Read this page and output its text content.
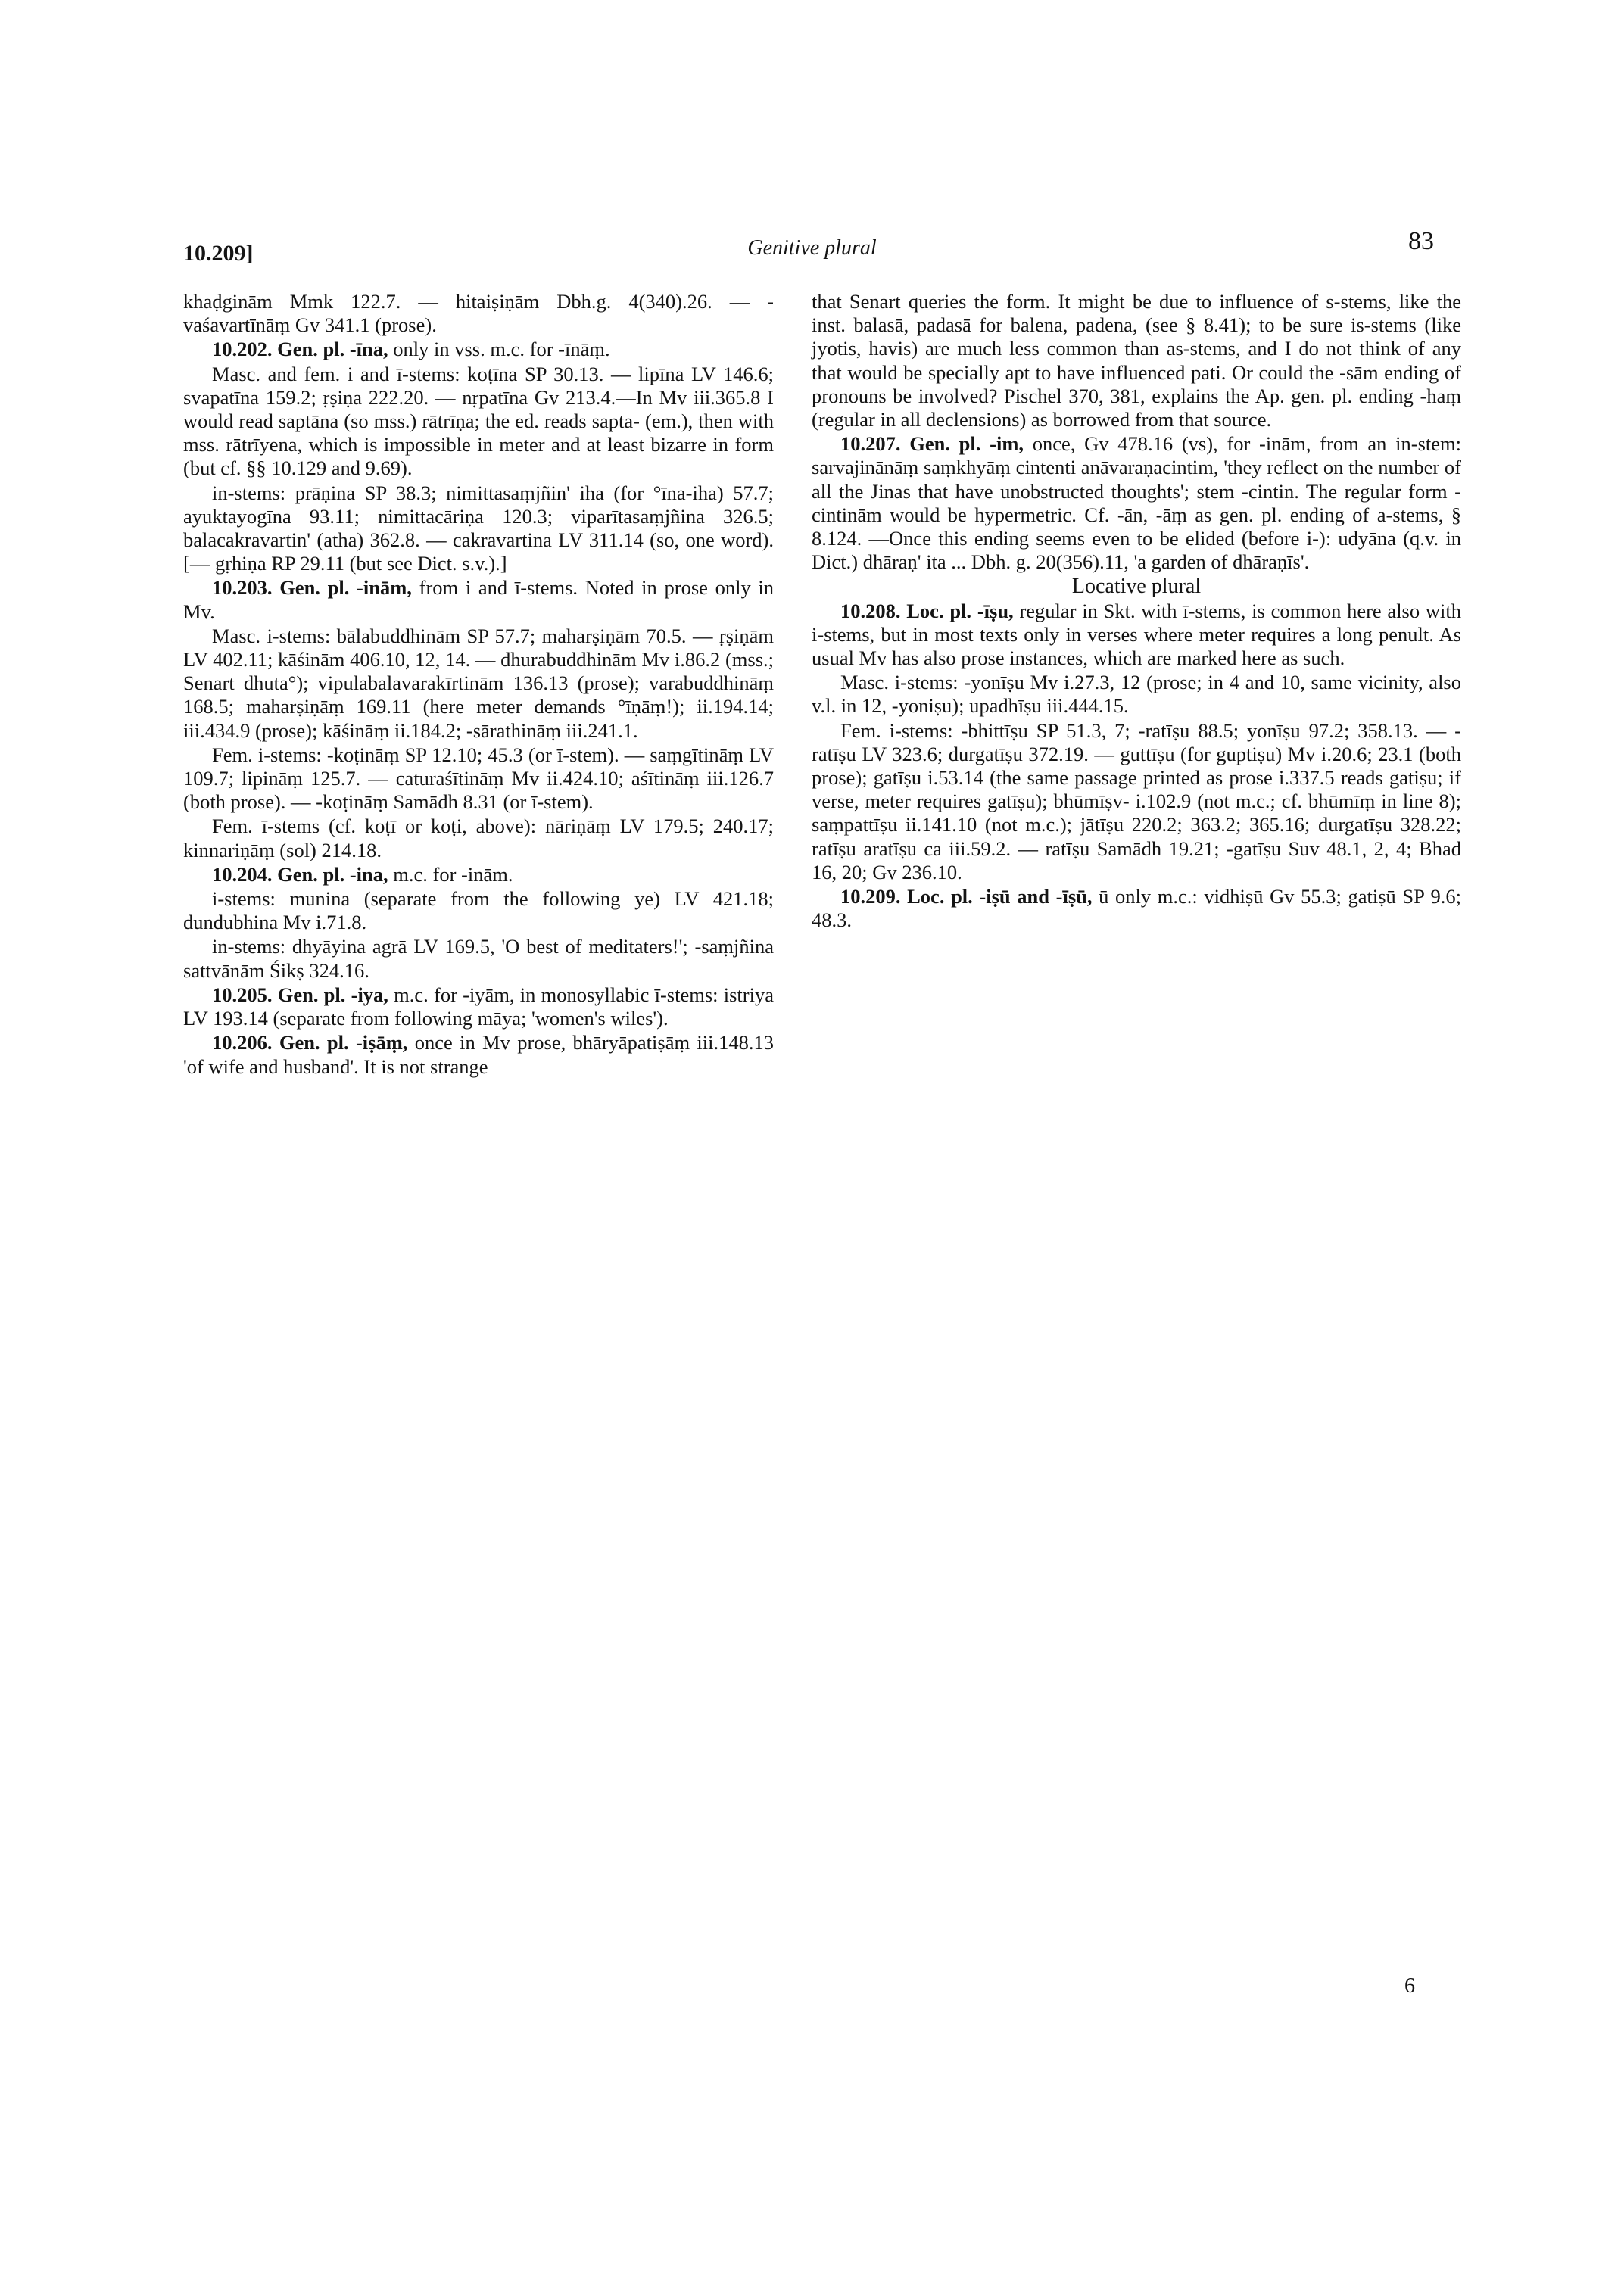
10.209]	Genitive plural	83

khaḍginām Mmk 122.7. — hitaiṣiṇām Dbh.g. 4(340).26. — -vaśavartīnāṃ Gv 341.1 (prose).

10.202. Gen. pl. -īna, only in vss. m.c. for -īnāṃ.

Masc. and fem. i and ī-stems: koṭīna SP 30.13. — lipīna LV 146.6; svapatīna 159.2; ṛṣiṇa 222.20. — nṛpatīna Gv 213.4.—In Mv iii.365.8 I would read saptāna (so mss.) rātrīṇa; the ed. reads sapta- (em.), then with mss. rātrīyena, which is impossible in meter and at least bizarre in form (but cf. §§ 10.129 and 9.69).

in-stems: prāṇina SP 38.3; nimittasaṃjñin' iha (for °īna-iha) 57.7; ayuktayogīna 93.11; nimittacāriṇa 120.3; viparītasaṃjñina 326.5; balacakravartin' (atha) 362.8. — cakravartina LV 311.14 (so, one word). [— gṛhiṇa RP 29.11 (but see Dict. s.v.).]

10.203. Gen. pl. -inām, from i and ī-stems. Noted in prose only in Mv.

Masc. i-stems: bālabuddhinām SP 57.7; maharṣiṇām 70.5. — ṛṣiṇām LV 402.11; kāśinām 406.10, 12, 14. — dhurabuddhinām Mv i.86.2 (mss.; Senart dhuta°); vipulabalavarakīrtinām 136.13 (prose); varabuddhināṃ 168.5; maharṣiṇāṃ 169.11 (here meter demands °īṇāṃ!); ii.194.14; iii.434.9 (prose); kāśināṃ ii.184.2; -sārathināṃ iii.241.1.

Fem. i-stems: -koṭināṃ SP 12.10; 45.3 (or ī-stem). — saṃgītināṃ LV 109.7; lipināṃ 125.7. — caturaśītināṃ Mv ii.424.10; aśītināṃ iii.126.7 (both prose). — -koṭināṃ Samādh 8.31 (or ī-stem).

Fem. ī-stems (cf. koṭī or koṭi, above): nāriṇāṃ LV 179.5; 240.17; kinnariṇāṃ (sol) 214.18.

10.204. Gen. pl. -ina, m.c. for -inām.

i-stems: munina (separate from the following ye) LV 421.18; dundubhina Mv i.71.8.

in-stems: dhyāyina agrā LV 169.5, 'O best of meditaters!'; -saṃjñina sattvānām Śikṣ 324.16.

10.205. Gen. pl. -iya, m.c. for -iyām, in monosyllabic ī-stems: istriya LV 193.14 (separate from following māya; 'women's wiles').

10.206. Gen. pl. -iṣāṃ, once in Mv prose, bhāryāpatiṣāṃ iii.148.13 'of wife and husband'. It is not strange

that Senart queries the form. It might be due to influence of s-stems, like the inst. balasā, padasā for balena, padena, (see § 8.41); to be sure is-stems (like jyotis, havis) are much less common than as-stems, and I do not think of any that would be specially apt to have influenced pati. Or could the -sām ending of pronouns be involved? Pischel 370, 381, explains the Ap. gen. pl. ending -haṃ (regular in all declensions) as borrowed from that source.

10.207. Gen. pl. -im, once, Gv 478.16 (vs), for -inām, from an in-stem: sarvajinānāṃ saṃkhyāṃ cintenti anāvaraṇacintim, 'they reflect on the number of all the Jinas that have unobstructed thoughts'; stem -cintin. The regular form -cintinām would be hypermetric. Cf. -ān, -āṃ as gen. pl. ending of a-stems, § 8.124. —Once this ending seems even to be elided (before i-): udyāna (q.v. in Dict.) dhāraṇ' ita ... Dbh. g. 20(356).11, 'a garden of dhāraṇīs'.

Locative plural

10.208. Loc. pl. -īṣu, regular in Skt. with ī-stems, is common here also with i-stems, but in most texts only in verses where meter requires a long penult. As usual Mv has also prose instances, which are marked here as such.

Masc. i-stems: -yonīṣu Mv i.27.3, 12 (prose; in 4 and 10, same vicinity, also v.l. in 12, -yoniṣu); upadhīṣu iii.444.15.

Fem. i-stems: -bhittīṣu SP 51.3, 7; -ratīṣu 88.5; yonīṣu 97.2; 358.13. — -ratīṣu LV 323.6; durgatīṣu 372.19. — guttīṣu (for guptiṣu) Mv i.20.6; 23.1 (both prose); gatīṣu i.53.14 (the same passage printed as prose i.337.5 reads gatiṣu; if verse, meter requires gatīṣu); bhūmīṣv- i.102.9 (not m.c.; cf. bhūmīṃ in line 8); saṃpattīṣu ii.141.10 (not m.c.); jātīṣu 220.2; 363.2; 365.16; durgatīṣu 328.22; ratīṣu aratīṣu ca iii.59.2. — ratīṣu Samādh 19.21; -gatīṣu Suv 48.1, 2, 4; Bhad 16, 20; Gv 236.10.

10.209. Loc. pl. -iṣū and -īṣū, ū only m.c.: vidhiṣū Gv 55.3; gatiṣū SP 9.6; 48.3.

6
